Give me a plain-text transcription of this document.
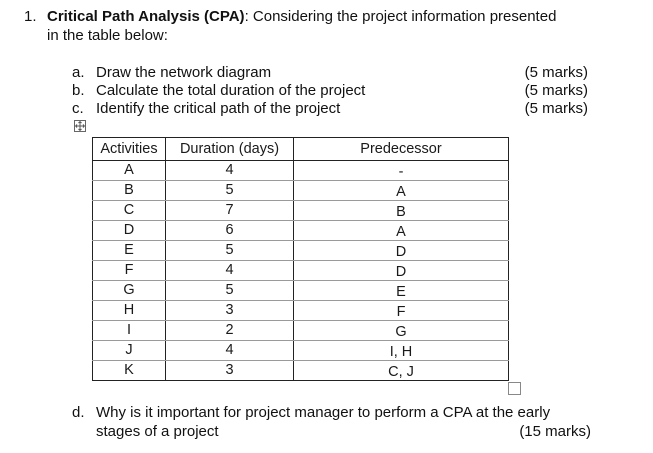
1. Critical Path Analysis (CPA): Considering the project information presented
in the table below:
a. Draw the network diagram	(5 marks)
b. Calculate the total duration of the project	(5 marks)
c. Identify the critical path of the project	(5 marks)
Activities	Duration (days)	Predecessor
A	4	-
B	5	A
C	7	B
D	6	A
E	5	D
F	4	D
G	5	E
H	3	F
I	2	G
J	4	I, H
K	3	C, J
d. Why is it important for project manager to perform a CPA at the early
stages of a project	(15 marks)
